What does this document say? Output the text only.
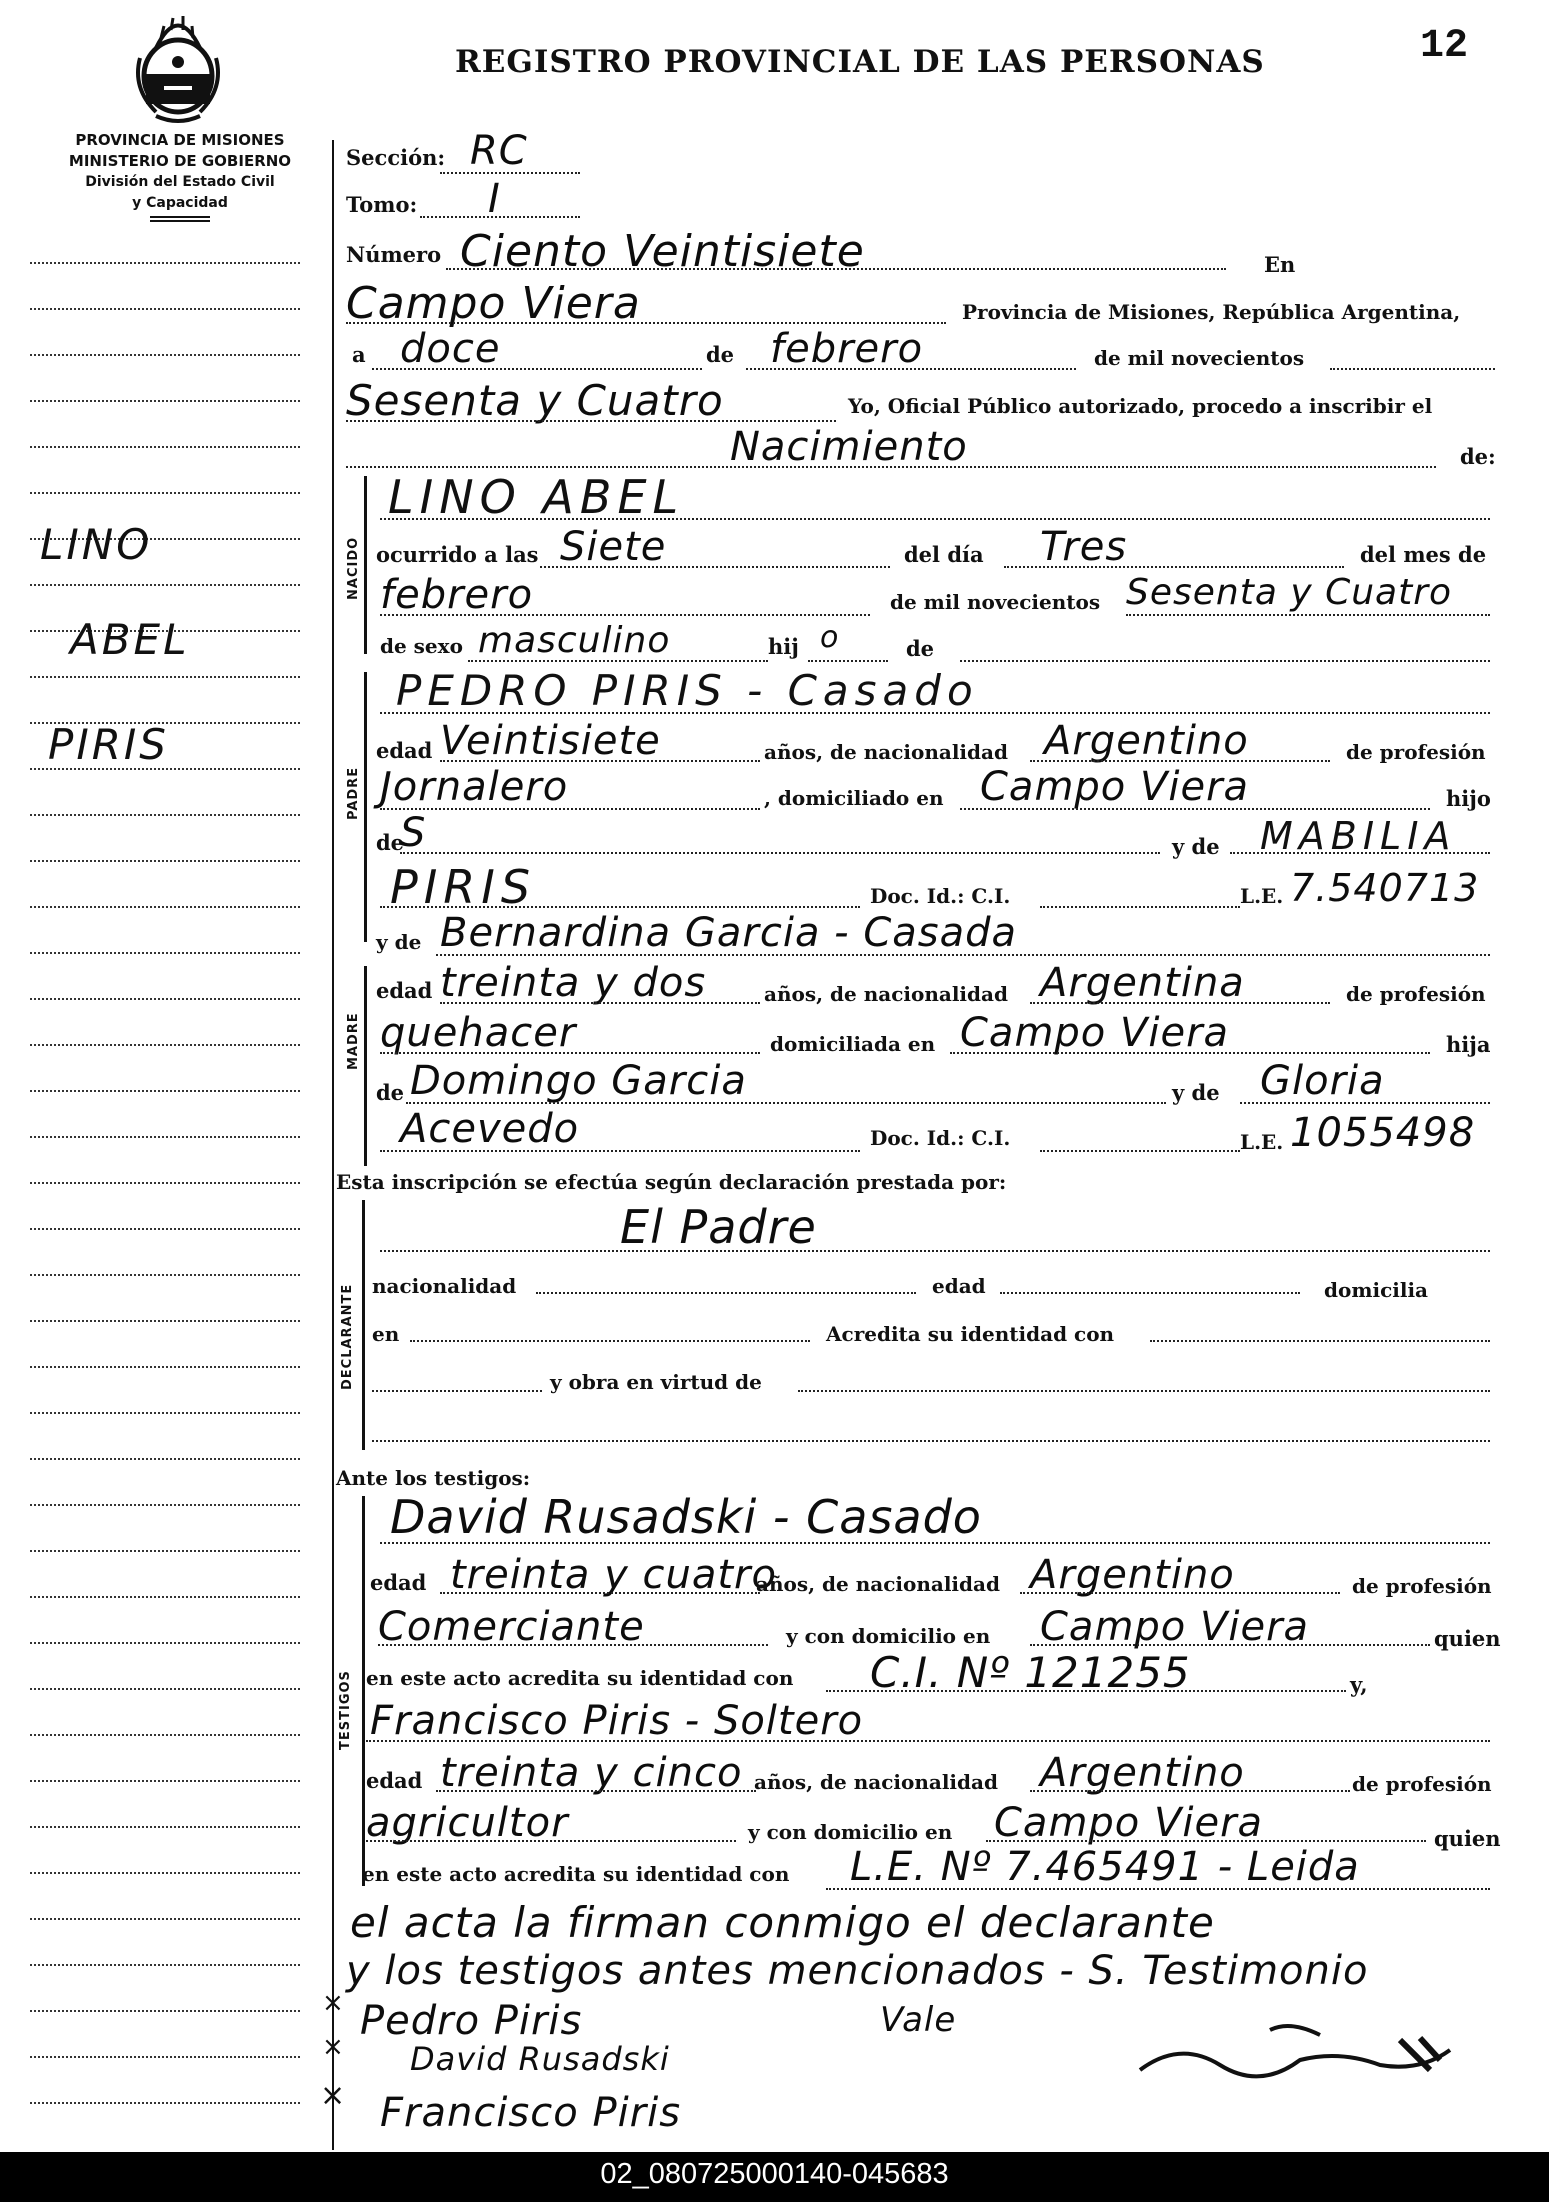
REGISTRO PROVINCIAL DE LAS PERSONAS	12
PROVINCIA DE MISIONES
MINISTERIO DE GOBIERNO
División del Estado Civil
y Capacidad
LINO
ABEL
PIRIS
Sección: RC
Tomo: I
Número Ciento Veintisiete	En
Campo Viera	Provincia de Misiones, República Argentina,
a doce	de febrero	de mil novecientos
Sesenta y Cuatro	Yo, Oficial Público autorizado, procedo a inscribir el
Nacimiento	de:
NACIDO
LINO ABEL
ocurrido a las Siete	del día Tres	del mes de
febrero	de mil novecientos Sesenta y Cuatro
de sexo masculino	hij o	de
PADRE
PEDRO PIRIS - Casado
edad Veintisiete	años, de nacionalidad Argentino	de profesión
Jornalero	, domiciliado en Campo Viera	hijo
de
S	y de MABILIA
PIRIS	Doc. Id.: C.I.	L.E. 7.540713
y de Bernardina Garcia - Casada
MADRE
edad treinta y dos	años, de nacionalidad Argentina	de profesión
quehacer	domiciliada en Campo Viera	hija
de Domingo Garcia	y de Gloria
Acevedo	Doc. Id.: C.I.	L.E. 1055498
Esta inscripción se efectúa según declaración prestada por:
DECLARANTE
El Padre
nacionalidad	edad	domicilia
en	Acredita su identidad con
y obra en virtud de
Ante los testigos:
TESTIGOS
David Rusadski - Casado
edad treinta y cuatro
años, de nacionalidad Argentino	de profesión
Comerciante	y con domicilio en Campo Viera	quien
en este acto acredita su identidad con C.I. Nº 121255	y,
Francisco Piris - Soltero
edad treinta y cinco años, de nacionalidad Argentino	de profesión
agricultor	y con domicilio en Campo Viera	quien
en este acto acredita su identidad con L.E. Nº 7.465491 - Leida
el acta la firman conmigo el declarante
y los testigos antes mencionados - S. Testimonio
× Pedro Piris	Vale
× David Rusadski
⨯ Francisco Piris
02_080725000140-045683
